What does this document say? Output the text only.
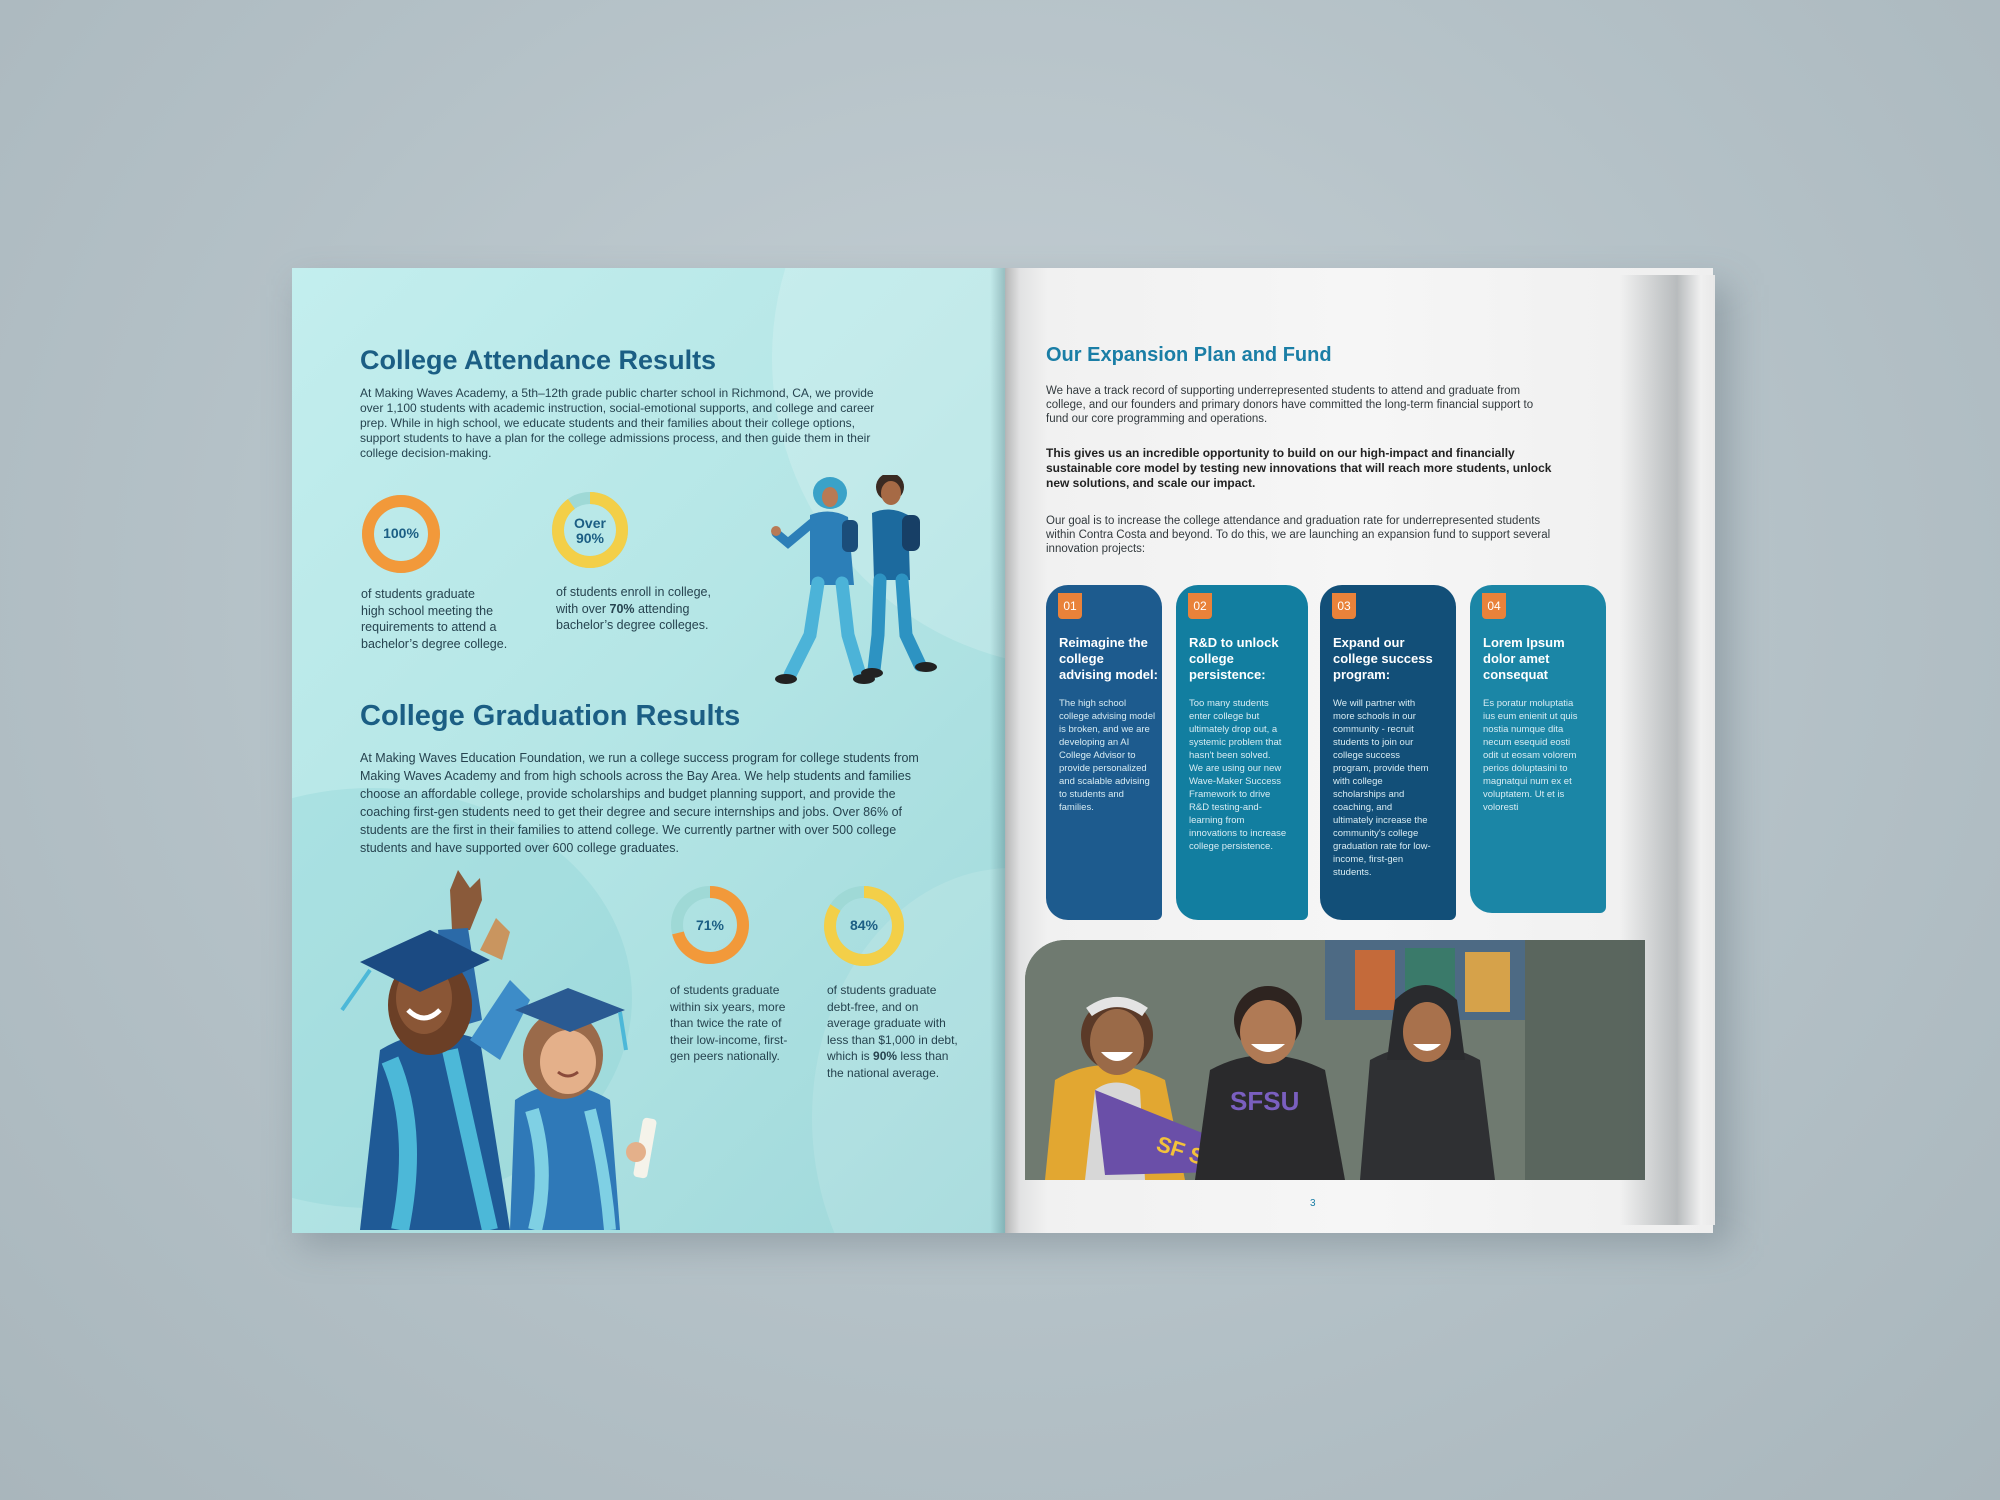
College Attendance Results
At Making Waves Academy, a 5th–12th grade public charter school in Richmond, CA, we provide
over 1,100 students with academic instruction, social-emotional supports, and college and career
prep. While in high school, we educate students and their families about their college options,
support students to have a plan for the college admissions process, and then guide them in their
college decision-making.
100%
of students graduate
high school meeting the
requirements to attend a
bachelor’s degree college.
Over
90%
of students enroll in college,
with over 70% attending
bachelor’s degree colleges.
College Graduation Results
At Making Waves Education Foundation, we run a college success program for college students from
Making Waves Academy and from high schools across the Bay Area. We help students and families
choose an affordable college, provide scholarships and budget planning support, and provide the
coaching first-gen students need to get their degree and secure internships and jobs. Over 86% of
students are the first in their families to attend college. We currently partner with over 500 college
students and have supported over 600 college graduates.
71%
of students graduate
within six years, more
than twice the rate of
their low-income, first-
gen peers nationally.
84%
of students graduate
debt-free, and on
average graduate with
less than $1,000 in debt,
which is 90% less than
the national average.
Our Expansion Plan and Fund
We have a track record of supporting underrepresented students to attend and graduate from
college, and our founders and primary donors have committed the long-term financial support to
fund our core programming and operations.
This gives us an incredible opportunity to build on our high-impact and financially
sustainable core model by testing new innovations that will reach more students, unlock
new solutions, and scale our impact.
Our goal is to increase the college attendance and graduation rate for underrepresented students
within Contra Costa and beyond. To do this, we are launching an expansion fund to support several
innovation projects:
01
Reimagine the college advising model:
The high school college advising model is broken, and we are developing an AI College Advisor to provide personalized and scalable advising to students and families.
02
R&D to unlock college persistence:
Too many students enter college but ultimately drop out, a systemic problem that hasn't been solved. We are using our new Wave-Maker Success Framework to drive R&D testing-and-learning from innovations to increase college persistence.
03
Expand our college success program:
We will partner with more schools in our community - recruit students to join our college success program, provide them with college scholarships and coaching, and ultimately increase the community's college graduation rate for low-income, first-gen students.
04
Lorem Ipsum dolor amet consequat
Es poratur moluptatia ius eum enienit ut quis nostia numque dita necum esequid eosti odit ut eosam volorem perios doluptasini to magnatqui num ex et voluptatem. Ut et is voloresti
SF
SFSU
3
